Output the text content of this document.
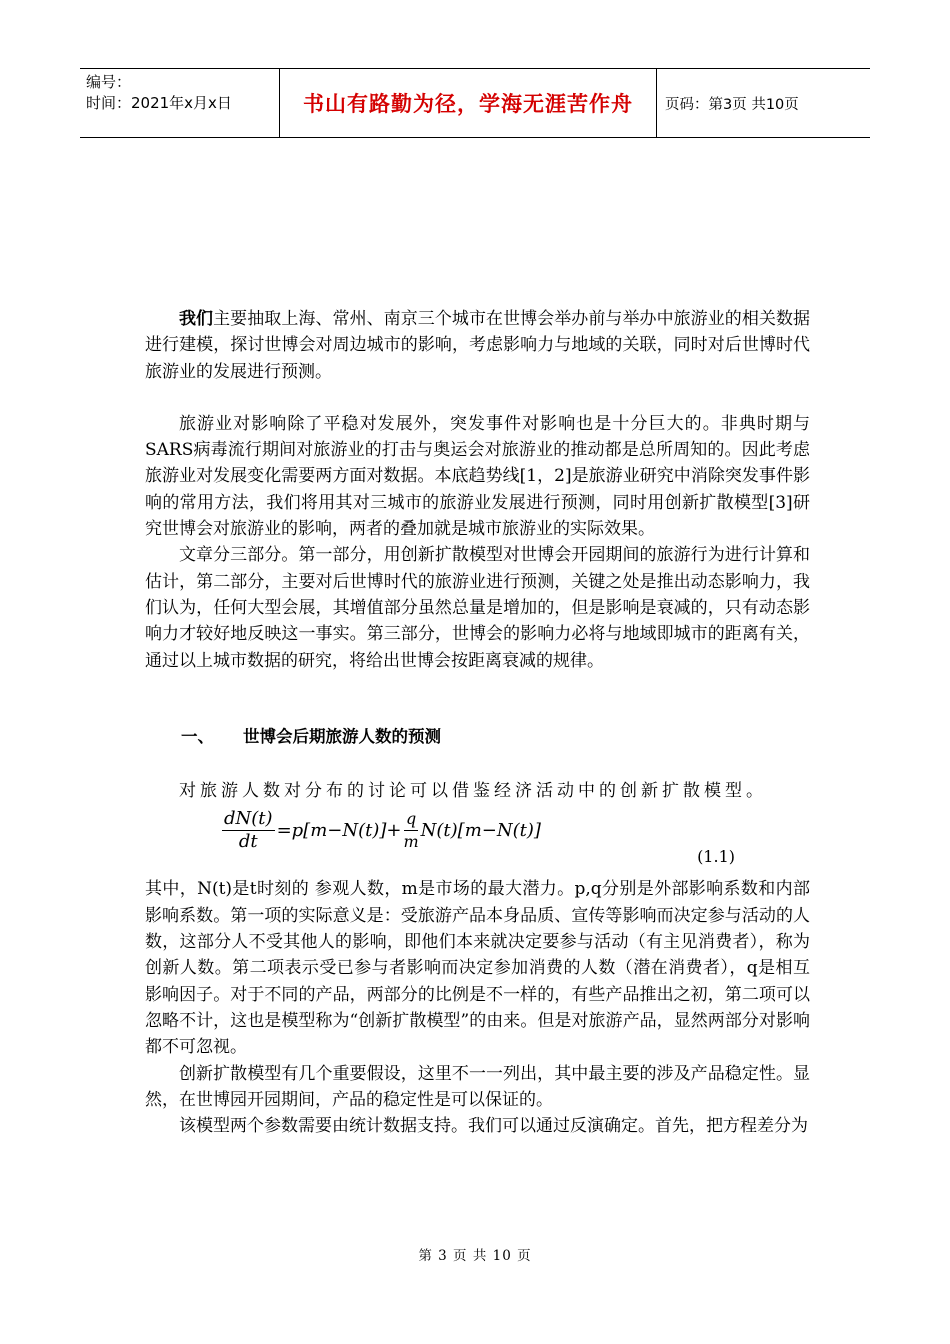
编号：
时间：2021年x月x日	书山有路勤为径，学海无涯苦作舟	页码：第3页 共10页

我们主要抽取上海、常州、南京三个城市在世博会举办前与举办中旅游业的相关数据进行建模，探讨世博会对周边城市的影响，考虑影响力与地域的关联，同时对后世博时代旅游业的发展进行预测。

旅游业对影响除了平稳对发展外，突发事件对影响也是十分巨大的。非典时期与SARS病毒流行期间对旅游业的打击与奥运会对旅游业的推动都是总所周知的。因此考虑旅游业对发展变化需要两方面对数据。本底趋势线[1，2]是旅游业研究中消除突发事件影响的常用方法，我们将用其对三城市的旅游业发展进行预测，同时用创新扩散模型[3]研究世博会对旅游业的影响，两者的叠加就是城市旅游业的实际效果。

文章分三部分。第一部分，用创新扩散模型对世博会开园期间的旅游行为进行计算和估计，第二部分，主要对后世博时代的旅游业进行预测，关键之处是推出动态影响力，我们认为，任何大型会展，其增值部分虽然总量是增加的，但是影响是衰减的，只有动态影响力才较好地反映这一事实。第三部分，世博会的影响力必将与地域即城市的距离有关，通过以上城市数据的研究，将给出世博会按距离衰减的规律。

一、	世博会后期旅游人数的预测

对旅游人数对分布的讨论可以借鉴经济活动中的创新扩散模型。

$\frac{dN(t)}{dt} =p[m-N(t)]+ \frac{q}{m} N(t)[m-N(t)]$
(1.1)

其中，N(t)是t时刻的 参观人数，m是市场的最大潜力。p,q分别是外部影响系数和内部影响系数。第一项的实际意义是：受旅游产品本身品质、宣传等影响而决定参与活动的人数，这部分人不受其他人的影响，即他们本来就决定要参与活动（有主见消费者），称为创新人数。第二项表示受已参与者影响而决定参加消费的人数（潜在消费者），q是相互影响因子。对于不同的产品，两部分的比例是不一样的，有些产品推出之初，第二项可以忽略不计，这也是模型称为“创新扩散模型”的由来。但是对旅游产品，显然两部分对影响都不可忽视。

创新扩散模型有几个重要假设，这里不一一列出，其中最主要的涉及产品稳定性。显然，在世博园开园期间，产品的稳定性是可以保证的。

该模型两个参数需要由统计数据支持。我们可以通过反演确定。首先，把方程差分为

第 3 页 共 10 页
